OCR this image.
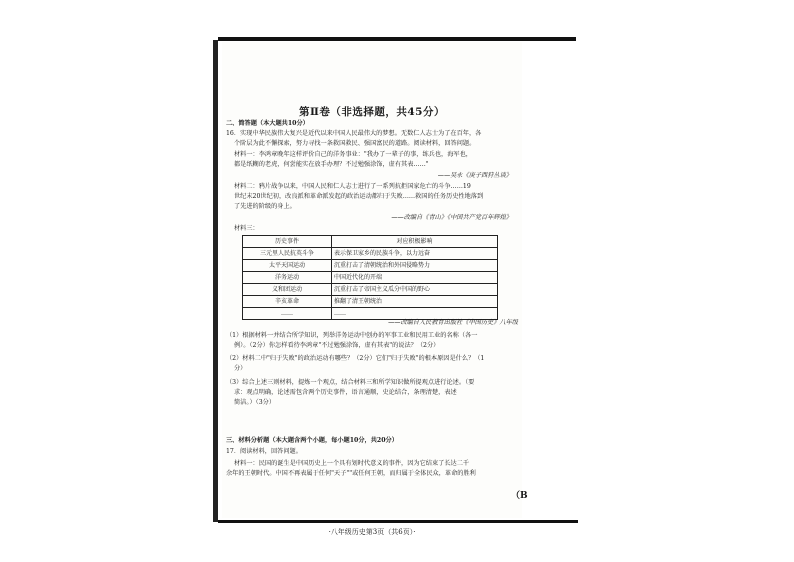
第Ⅱ卷（非选择题，共45分）
二、简答题（本大题共10分）
16．实现中华民族伟大复兴是近代以来中国人民最伟大的梦想。无数仁人志士为了在百年，各
个阶层为此不懈探索，努力寻找一条救国救民、强国富民的道路。阅读材料，回答问题。
材料一：李鸿章晚年这样评价自己的洋务事业："我办了一辈子的事，练兵也，海军也，
都是纸糊的老虎，何尝能实在放手办理？不过勉强涂饰，虚有其表……"
——吴永《庚子西狩丛谈》
材料二：鸦片战争以来，中国人民和仁人志士进行了一系列抗拒国家危亡的斗争……19
世纪末20世纪初，改良派和革命派发起的政治运动都归于失败……救国的任务历史性地落到
了先进的阶级的身上。
——改编自《青山》《中国共产党百年辉煌》
材料三：
历史事件	对应积极影响
三元里人民抗英斗争	表示保卫家乡的民族斗争，以力远奋
太平天国运动	沉重打击了清朝统治和外国侵略势力
洋务运动	中国近代化的开端
义和团运动	沉重打击了帝国主义瓜分中国的野心
辛亥革命	推翻了清王朝统治
……	……
——改编自人民教育出版社《中国历史》八年级
（1）根据材料一并结合所学知识，列举洋务运动中创办的军事工业和民用工业的名称（各一
例）。（2分）你怎样看待李鸿章"不过勉强涂饰，虚有其表"的说法？（2分）
（2）材料二中"归于失败"的政治运动有哪些？（2分）它们"归于失败"的根本原因是什么？（1
分）
（3）综合上述三则材料，提炼一个观点，结合材料三和所学知识做所提观点进行论述。（要
求：观点明确，论述需包含两个历史事件，语言通顺，史论结合，条理清楚，表述
简洁。）（3分）
三、材料分析题（本大题含两个小题，每小题10分，共20分）
17．阅读材料，回答问题。
材料一：民国的诞生是中国历史上一个具有划时代意义的事件，因为它结束了长达二千
余年的王朝时代。中国不再表属于任何"天子""或任何王朝，而归属于全体民众，革命的胜利
·八年级历史第3页（共6页）·
（B
